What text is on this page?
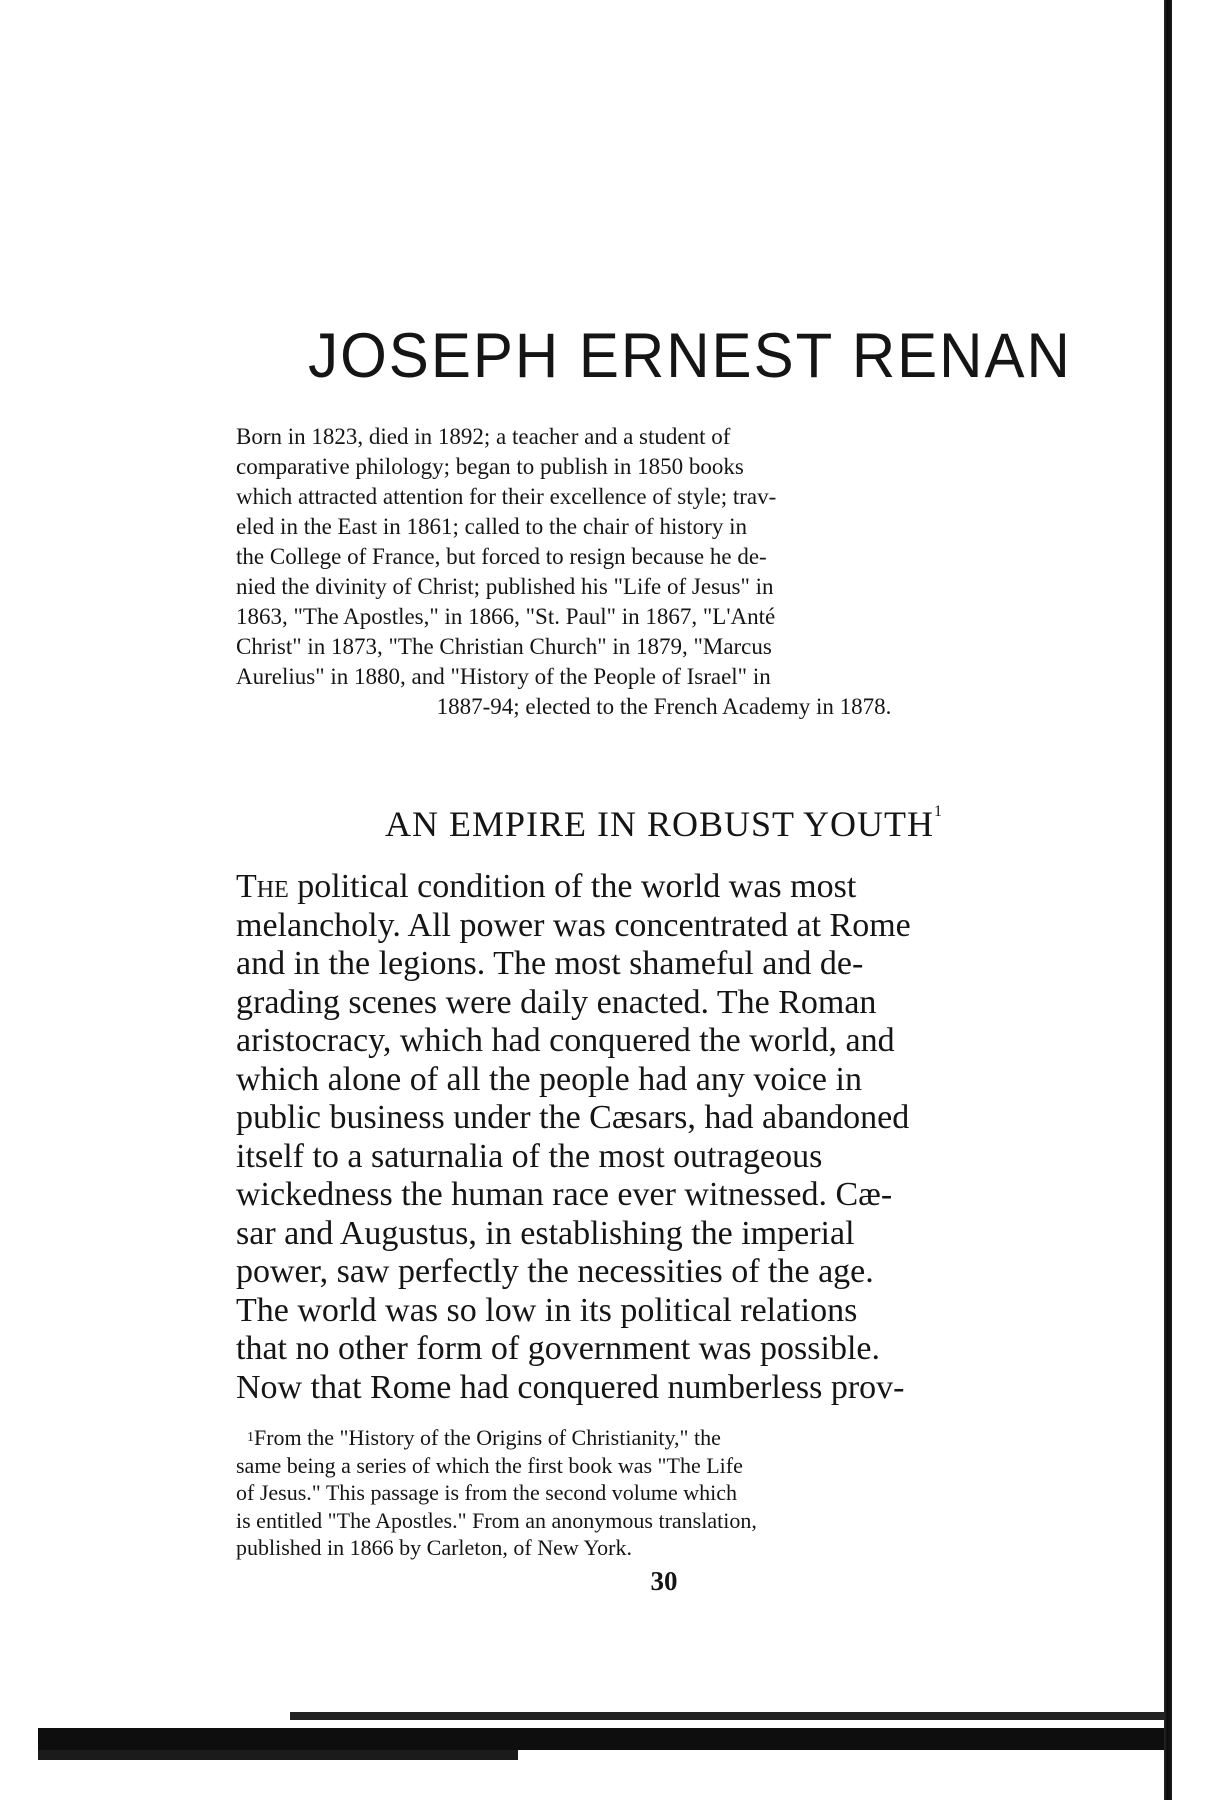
JOSEPH ERNEST RENAN

Born in 1823, died in 1892; a teacher and a student of
comparative philology; began to publish in 1850 books
which attracted attention for their excellence of style; trav-
eled in the East in 1861; called to the chair of history in
the College of France, but forced to resign because he de-
nied the divinity of Christ; published his "Life of Jesus" in
1863, "The Apostles," in 1866, "St. Paul" in 1867, "L'Anté
Christ" in 1873, "The Christian Church" in 1879, "Marcus
Aurelius" in 1880, and "History of the People of Israel" in
1887-94; elected to the French Academy in 1878.

AN EMPIRE IN ROBUST YOUTH$^1$

The political condition of the world was most
melancholy. All power was concentrated at Rome
and in the legions. The most shameful and de-
grading scenes were daily enacted. The Roman
aristocracy, which had conquered the world, and
which alone of all the people had any voice in
public business under the Cæsars, had abandoned
itself to a saturnalia of the most outrageous
wickedness the human race ever witnessed. Cæ-
sar and Augustus, in establishing the imperial
power, saw perfectly the necessities of the age.
The world was so low in its political relations
that no other form of government was possible.
Now that Rome had conquered numberless prov-

$^1$From the "History of the Origins of Christianity," the
same being a series of which the first book was "The Life
of Jesus." This passage is from the second volume which
is entitled "The Apostles." From an anonymous translation,
published in 1866 by Carleton, of New York.

30
